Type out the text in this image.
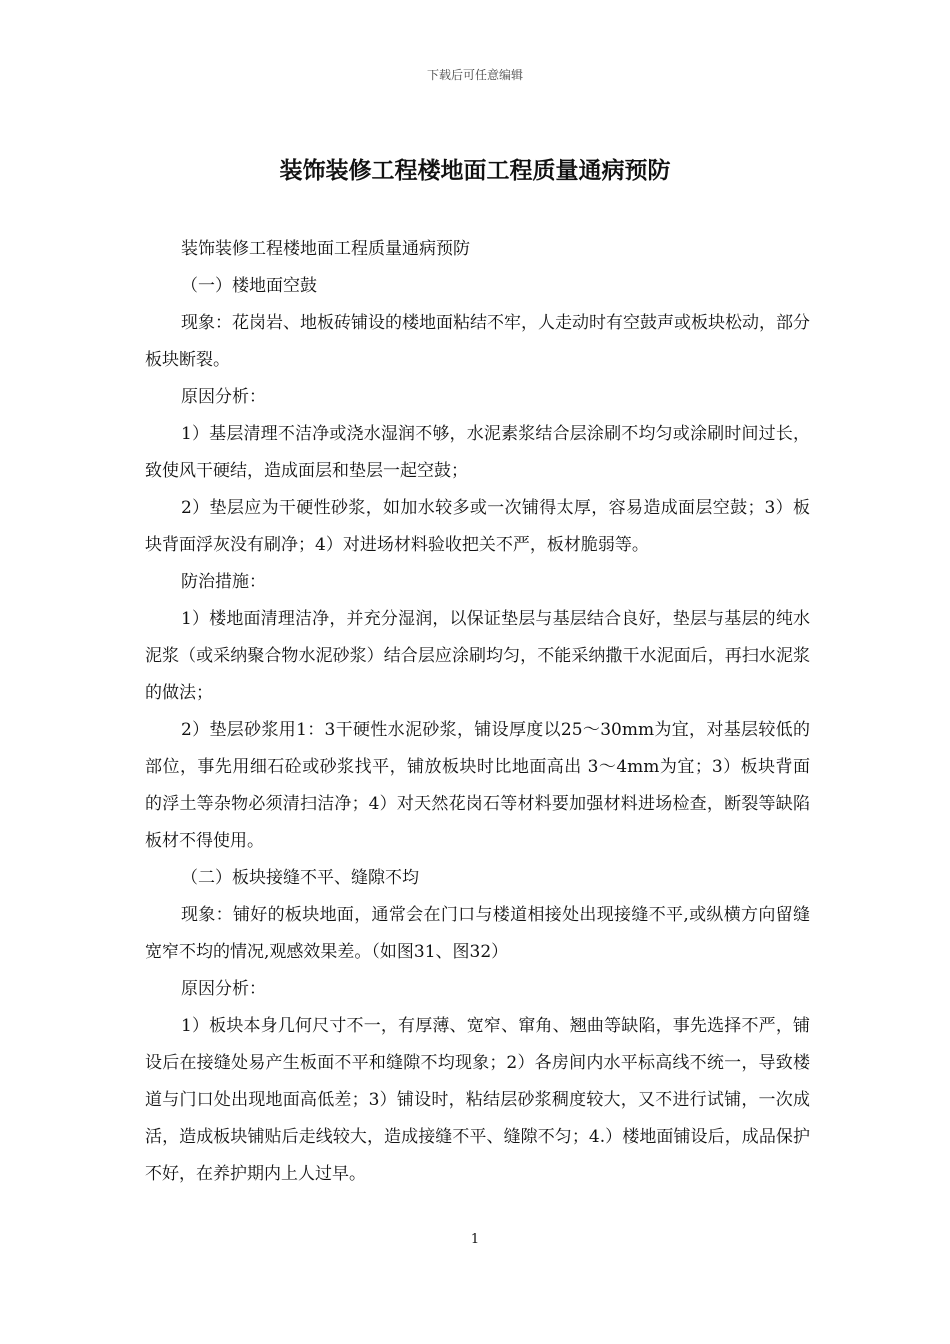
下载后可任意编辑
装饰装修工程楼地面工程质量通病预防

装饰装修工程楼地面工程质量通病预防

（一）楼地面空鼓

现象：花岗岩、地板砖铺设的楼地面粘结不牢，人走动时有空鼓声或板块松动，部分板块断裂。

原因分析：

1）基层清理不洁净或浇水湿润不够，水泥素浆结合层涂刷不均匀或涂刷时间过长，致使风干硬结，造成面层和垫层一起空鼓；

2）垫层应为干硬性砂浆，如加水较多或一次铺得太厚，容易造成面层空鼓；3）板块背面浮灰没有刷净；4）对进场材料验收把关不严，板材脆弱等。

防治措施：

1）楼地面清理洁净，并充分湿润，以保证垫层与基层结合良好，垫层与基层的纯水泥浆（或采纳聚合物水泥砂浆）结合层应涂刷均匀，不能采纳撒干水泥面后，再扫水泥浆的做法；

2）垫层砂浆用1：3干硬性水泥砂浆，铺设厚度以25～30mm为宜，对基层较低的部位，事先用细石砼或砂浆找平，铺放板块时比地面高出 3～4mm为宜；3）板块背面的浮土等杂物必须清扫洁净；4）对天然花岗石等材料要加强材料进场检查，断裂等缺陷板材不得使用。

（二）板块接缝不平、缝隙不均

现象：铺好的板块地面，通常会在门口与楼道相接处出现接缝不平,或纵横方向留缝宽窄不均的情况,观感效果差。（如图31、图32）

原因分析：

1）板块本身几何尺寸不一，有厚薄、宽窄、窜角、翘曲等缺陷，事先选择不严，铺设后在接缝处易产生板面不平和缝隙不均现象；2）各房间内水平标高线不统一，导致楼道与门口处出现地面高低差；3）铺设时，粘结层砂浆稠度较大，又不进行试铺，一次成活，造成板块铺贴后走线较大，造成接缝不平、缝隙不匀；4.）楼地面铺设后，成品保护不好，在养护期内上人过早。

1
